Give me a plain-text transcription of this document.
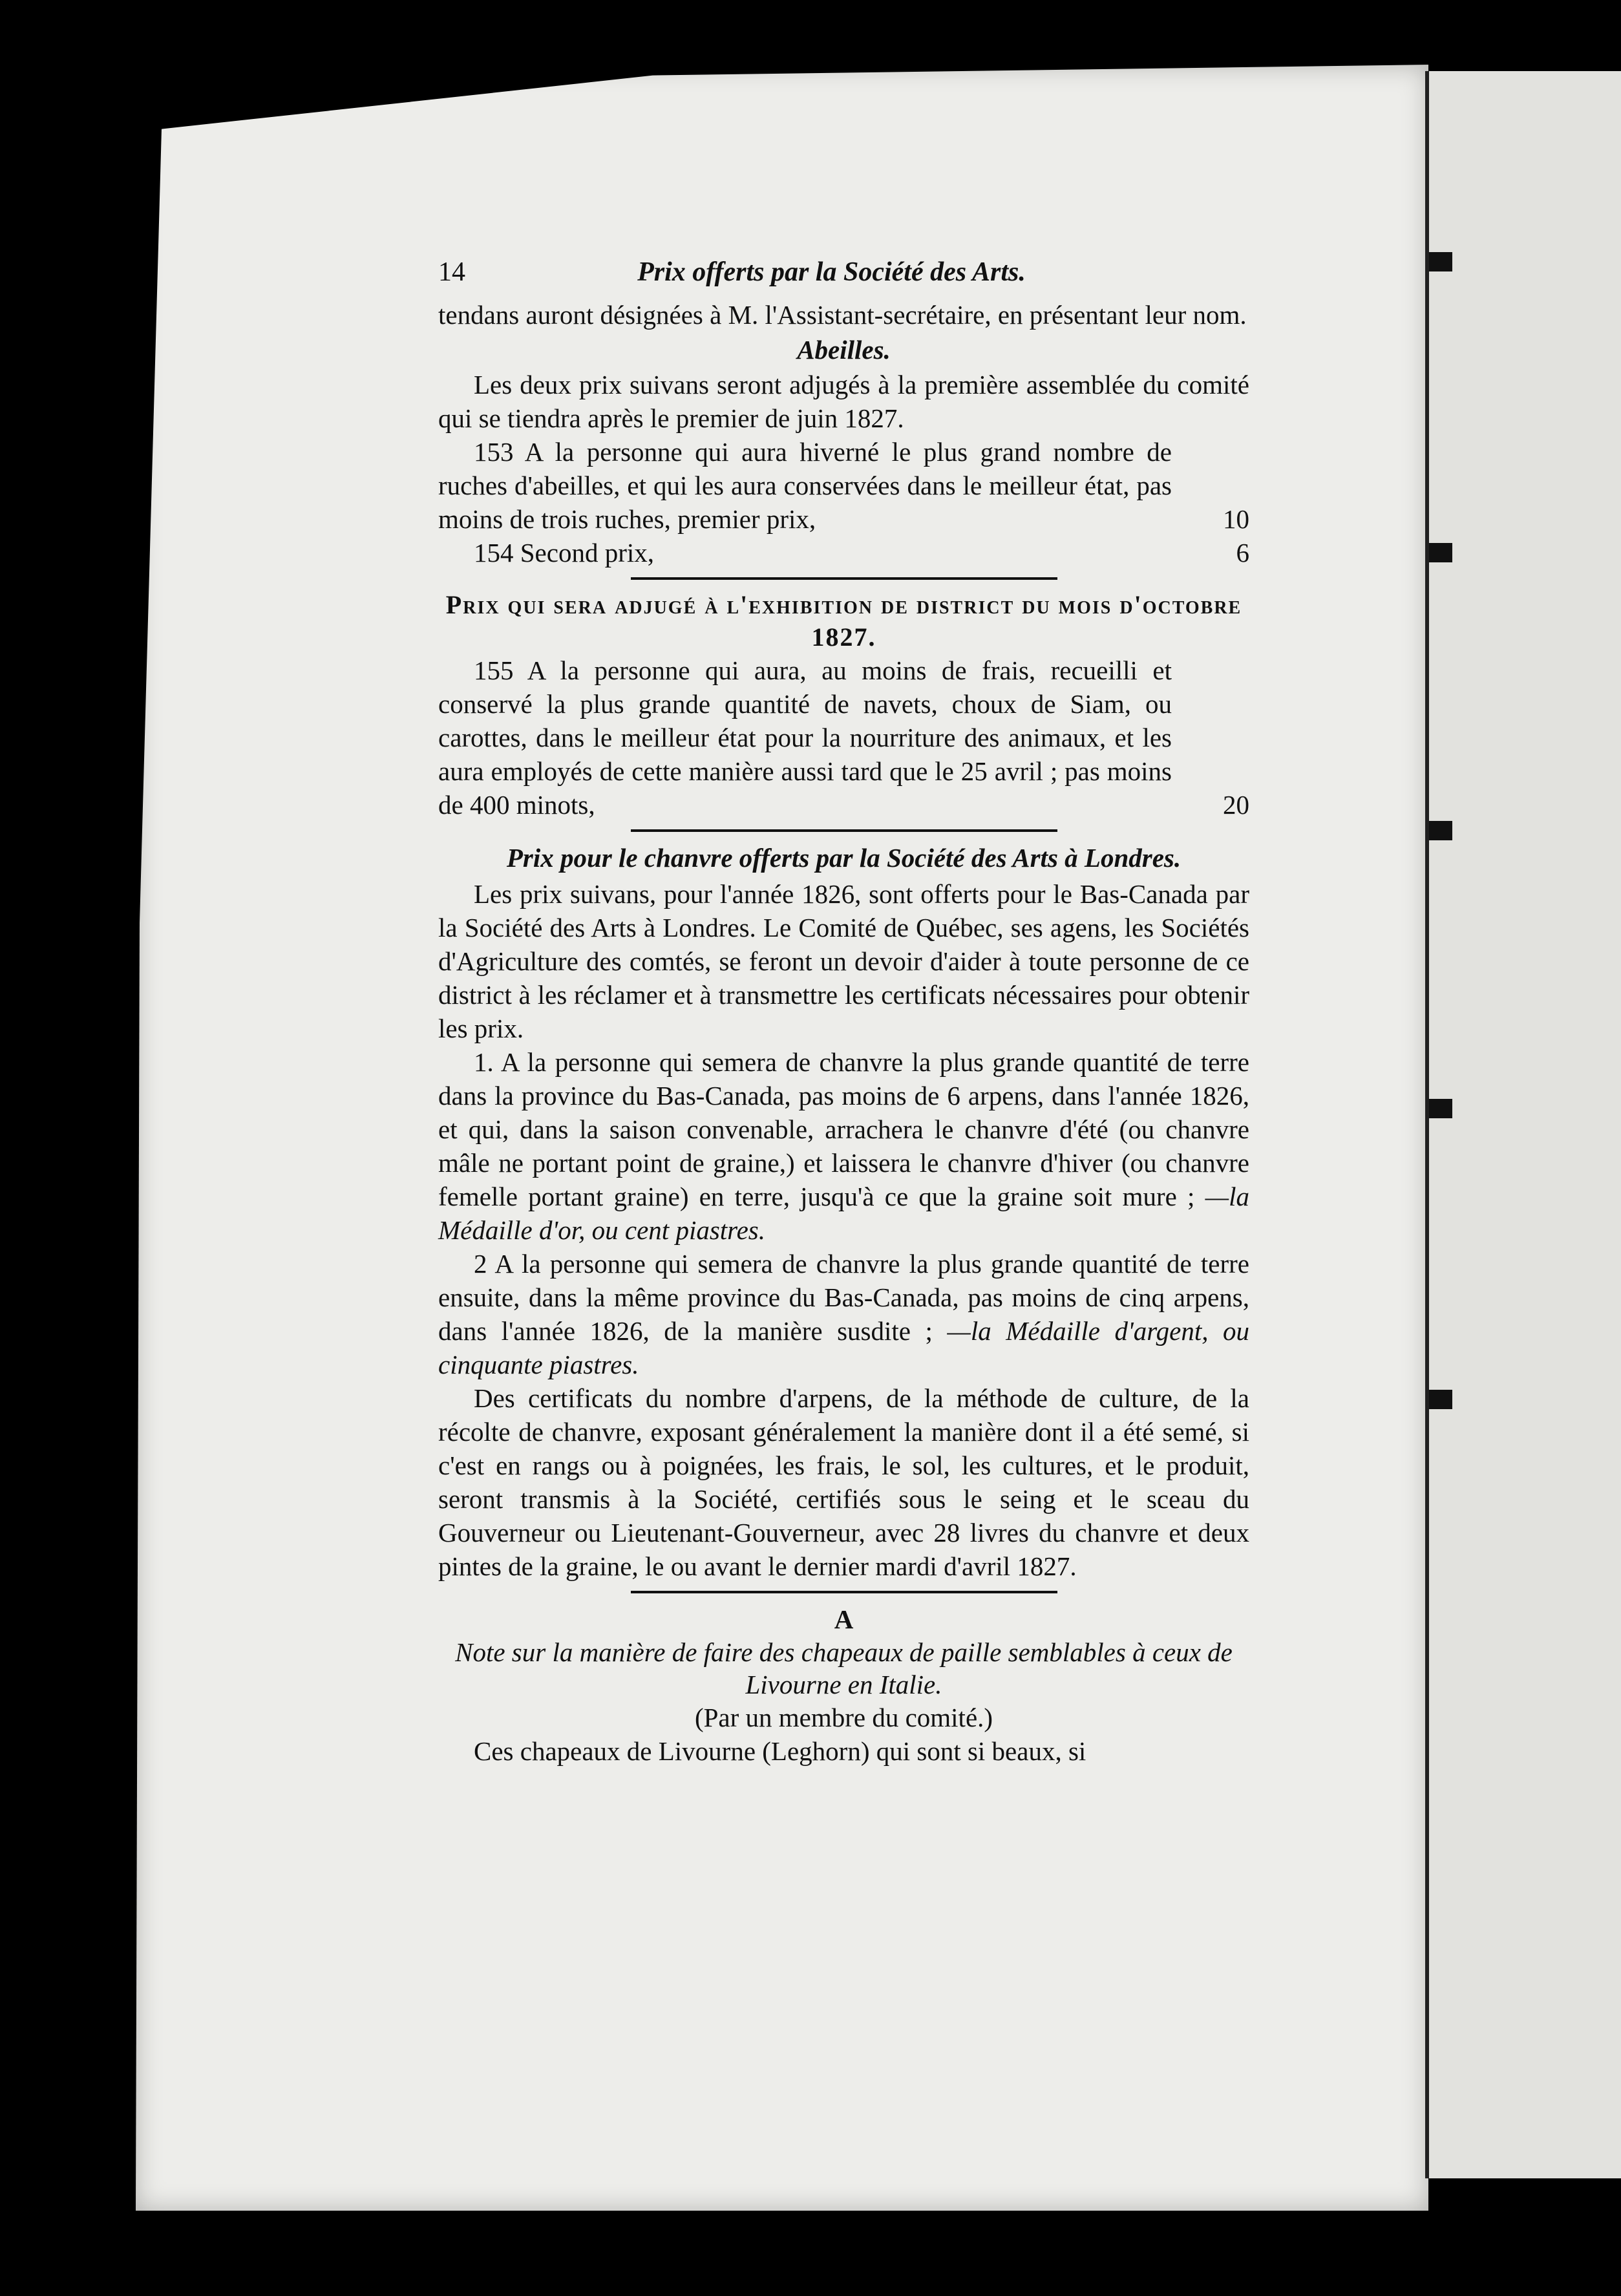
14	Prix offerts par la Société des Arts.

tendans auront désignées à M. l'Assistant-secrétaire, en présentant leur nom.

Abeilles.

Les deux prix suivans seront adjugés à la première assemblée du comité qui se tiendra après le premier de juin 1827.

153 A la personne qui aura hiverné le plus grand nombre de ruches d'abeilles, et qui les aura conservées dans le meilleur état, pas moins de trois ruches, premier prix,	10
154 Second prix,	6
Prix qui sera adjugé à l'exhibition de district du mois d'octobre 1827.
155 A la personne qui aura, au moins de frais, recueilli et conservé la plus grande quantité de navets, choux de Siam, ou carottes, dans le meilleur état pour la nourriture des animaux, et les aura employés de cette manière aussi tard que le 25 avril ; pas moins de 400 minots,	20
Prix pour le chanvre offerts par la Société des Arts à Londres.

Les prix suivans, pour l'année 1826, sont offerts pour le Bas-Canada par la Société des Arts à Londres. Le Comité de Québec, ses agens, les Sociétés d'Agriculture des comtés, se feront un devoir d'aider à toute personne de ce district à les réclamer et à transmettre les certificats nécessaires pour obtenir les prix.

1. A la personne qui semera de chanvre la plus grande quantité de terre dans la province du Bas-Canada, pas moins de 6 arpens, dans l'année 1826, et qui, dans la saison convenable, arrachera le chanvre d'été (ou chanvre mâle ne portant point de graine,) et laissera le chanvre d'hiver (ou chanvre femelle portant graine) en terre, jusqu'à ce que la graine soit mure ; —la Médaille d'or, ou cent piastres.

2 A la personne qui semera de chanvre la plus grande quantité de terre ensuite, dans la même province du Bas-Canada, pas moins de cinq arpens, dans l'année 1826, de la manière susdite ; —la Médaille d'argent, ou cinquante piastres.

Des certificats du nombre d'arpens, de la méthode de culture, de la récolte de chanvre, exposant généralement la manière dont il a été semé, si c'est en rangs ou à poignées, les frais, le sol, les cultures, et le produit, seront transmis à la Société, certifiés sous le seing et le sceau du Gouverneur ou Lieutenant-Gouverneur, avec 28 livres du chanvre et deux pintes de la graine, le ou avant le dernier mardi d'avril 1827.

A
Note sur la manière de faire des chapeaux de paille semblables à ceux de Livourne en Italie.
(Par un membre du comité.)

Ces chapeaux de Livourne (Leghorn) qui sont si beaux, si
